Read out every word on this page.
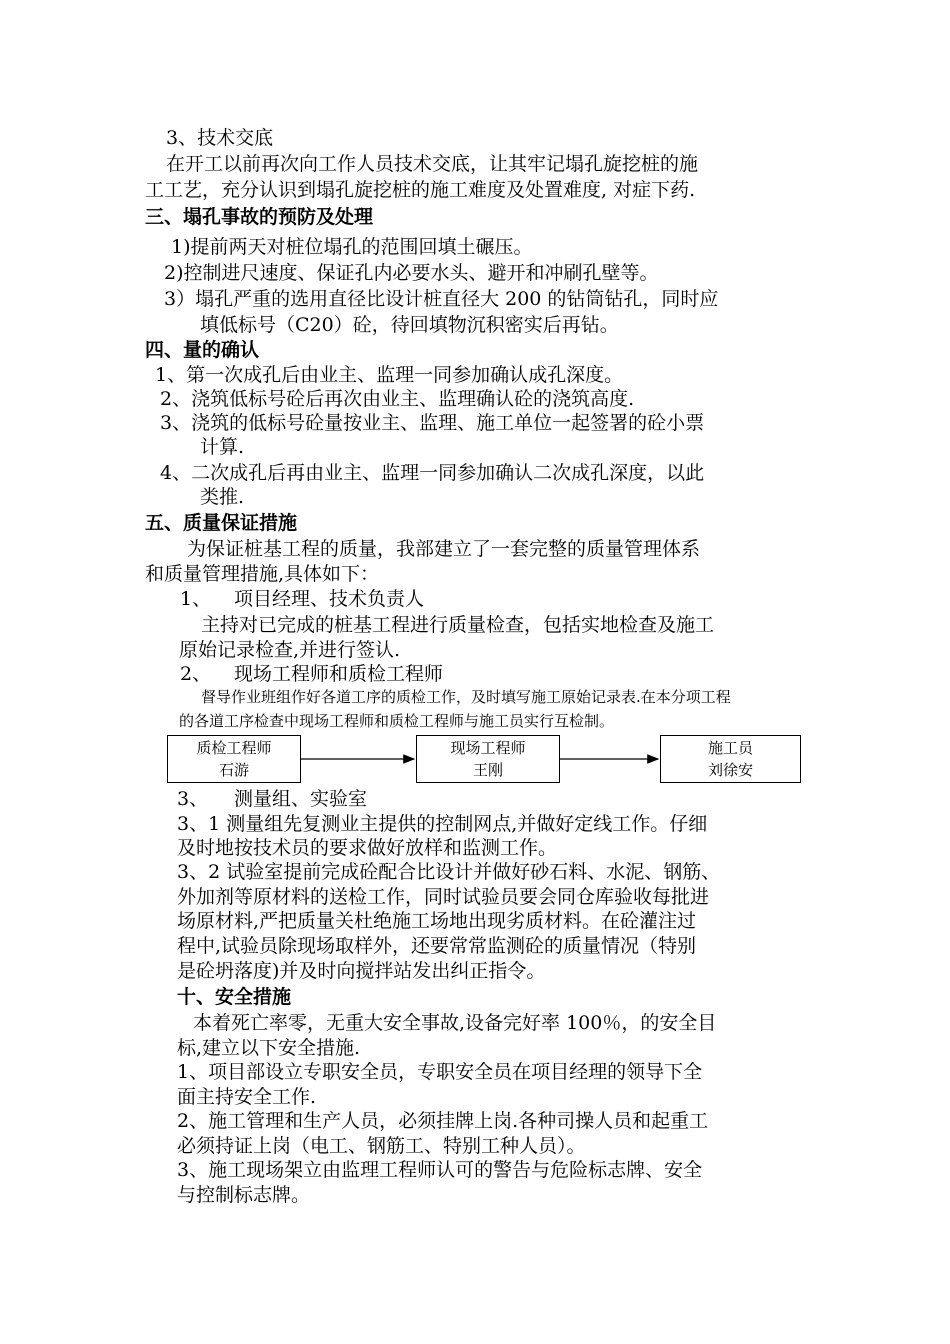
3、技术交底

在开工以前再次向工作人员技术交底，让其牢记塌孔旋挖桩的施

工工艺，充分认识到塌孔旋挖桩的施工难度及处置难度, 对症下药.

三、塌孔事故的预防及处理

1)提前两天对桩位塌孔的范围回填土碾压。

2)控制进尺速度、保证孔内必要水头、避开和冲刷孔壁等。

3）塌孔严重的选用直径比设计桩直径大 200 的钻筒钻孔，同时应

填低标号（C20）砼，待回填物沉积密实后再钻。

四、量的确认

1、第一次成孔后由业主、监理一同参加确认成孔深度。

2、浇筑低标号砼后再次由业主、监理确认砼的浇筑高度.

3、浇筑的低标号砼量按业主、监理、施工单位一起签署的砼小票

计算.

4、二次成孔后再由业主、监理一同参加确认二次成孔深度，以此

类推.

五、质量保证措施

为保证桩基工程的质量，我部建立了一套完整的质量管理体系

和质量管理措施,具体如下：

1、 项目经理、技术负责人

主持对已完成的桩基工程进行质量检查，包括实地检查及施工

原始记录检查,并进行签认.

2、 现场工程师和质检工程师

督导作业班组作好各道工序的质检工作，及时填写施工原始记录表.在本分项工程

的各道工序检查中现场工程师和质检工程师与施工员实行互检制。

质检工程师
石游
现场工程师
王刚
施工员
刘徐安

3、 测量组、实验室

3、1 测量组先复测业主提供的控制网点,并做好定线工作。仔细

及时地按技术员的要求做好放样和监测工作。

3、2 试验室提前完成砼配合比设计并做好砂石料、水泥、钢筋、

外加剂等原材料的送检工作，同时试验员要会同仓库验收每批进

场原材料,严把质量关杜绝施工场地出现劣质材料。在砼灌注过

程中,试验员除现场取样外，还要常常监测砼的质量情况（特别

是砼坍落度)并及时向搅拌站发出纠正指令。

十、安全措施

本着死亡率零，无重大安全事故,设备完好率 100％，的安全目

标,建立以下安全措施.

1、项目部设立专职安全员，专职安全员在项目经理的领导下全

面主持安全工作.

2、施工管理和生产人员，必须挂牌上岗.各种司操人员和起重工

必须持证上岗（电工、钢筋工、特别工种人员）。

3、施工现场架立由监理工程师认可的警告与危险标志牌、安全

与控制标志牌。
